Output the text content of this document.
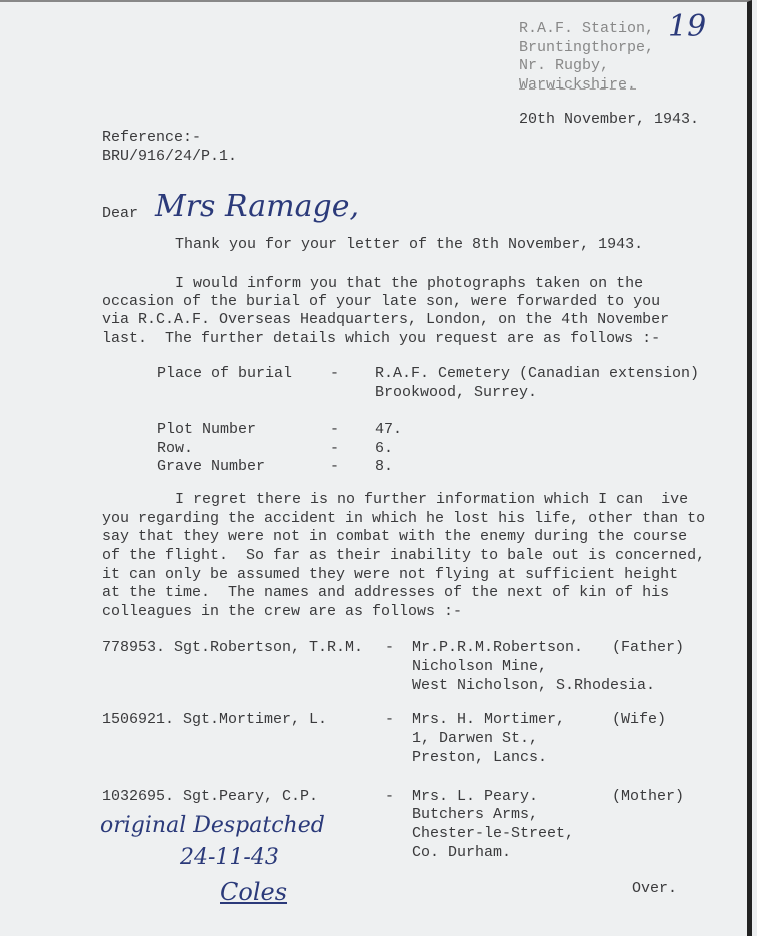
19
R.A.F. Station,
Bruntingthorpe,
Nr. Rugby,
Warwickshire.
20th November, 1943.
Reference:-
BRU/916/24/P.1.
Dear Mrs Ramage,
Thank you for your letter of the 8th November, 1943.
I would inform you that the photographs taken on the
occasion of the burial of your late son, were forwarded to you
via R.C.A.F. Overseas Headquarters, London, on the 4th November
last.  The further details which you request are as follows :-
Place of burial	- R.A.F. Cemetery (Canadian extension)
Brookwood, Surrey.
Plot Number	- 47.
Row.	- 6.
Grave Number	- 8.
I regret there is no further information which I can  ive
you regarding the accident in which he lost his life, other than to
say that they were not in combat with the enemy during the course
of the flight.  So far as their inability to bale out is concerned,
it can only be assumed they were not flying at sufficient height
at the time.  The names and addresses of the next of kin of his
colleagues in the crew are as follows :-
778953. Sgt.Robertson, T.R.M. - Mr.P.R.M.Robertson.
Nicholson Mine,
West Nicholson, S.Rhodesia.
(Father)
1506921. Sgt.Mortimer, L.	- Mrs. H. Mortimer,
1, Darwen St.,
Preston, Lancs.
(Wife)
1032695. Sgt.Peary, C.P.	- Mrs. L. Peary.
Butchers Arms,
Chester-le-Street,
Co. Durham.
(Mother)
original Despatched
24-11-43
Coles	Over.
